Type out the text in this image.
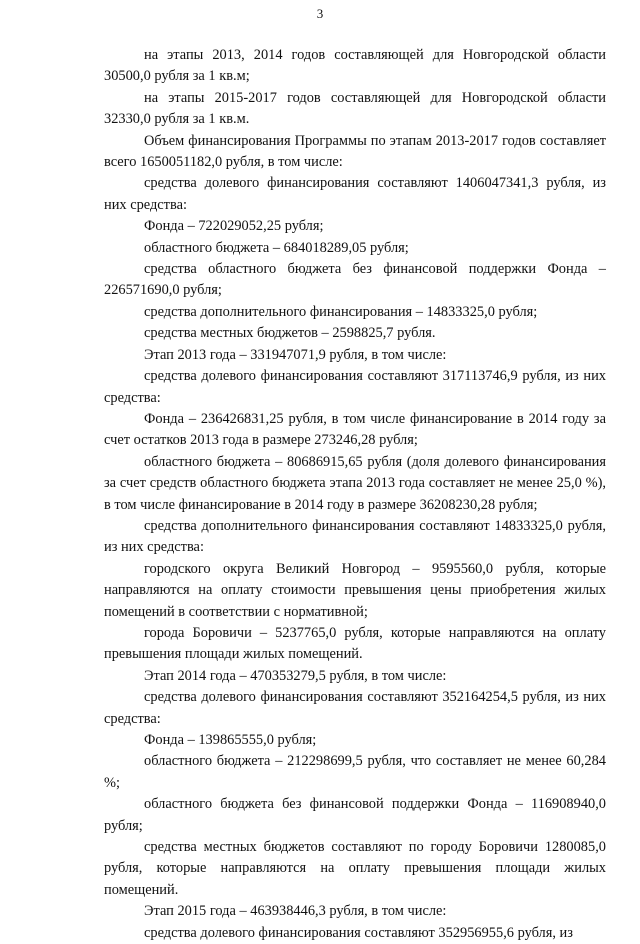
3

на этапы 2013, 2014 годов составляющей для Новгородской области 30500,0 рубля за 1 кв.м;

на этапы 2015-2017 годов составляющей для Новгородской области 32330,0 рубля за 1 кв.м.

Объем финансирования Программы по этапам 2013-2017 годов составляет всего 1650051182,0 рубля, в том числе:

средства долевого финансирования составляют 1406047341,3 рубля, из них средства:

Фонда – 722029052,25 рубля;

областного бюджета – 684018289,05 рубля;

средства областного бюджета без финансовой поддержки Фонда – 226571690,0 рубля;

средства дополнительного финансирования – 14833325,0 рубля;

средства местных бюджетов – 2598825,7 рубля.

Этап 2013 года – 331947071,9 рубля, в том числе:

средства долевого финансирования составляют 317113746,9 рубля, из них средства:

Фонда – 236426831,25 рубля, в том числе финансирование в 2014 году за счет остатков 2013 года в размере 273246,28 рубля;

областного бюджета – 80686915,65 рубля (доля долевого финансирования за счет средств областного бюджета этапа 2013 года составляет не менее 25,0 %), в том числе финансирование в 2014 году в размере 36208230,28 рубля;

средства дополнительного финансирования составляют 14833325,0 рубля, из них средства:

городского округа Великий Новгород – 9595560,0 рубля, которые направляются на оплату стоимости превышения цены приобретения жилых помещений в соответствии с нормативной;

города Боровичи – 5237765,0 рубля, которые направляются на оплату превышения площади жилых помещений.

Этап 2014 года – 470353279,5 рубля, в том числе:

средства долевого финансирования составляют 352164254,5 рубля, из них средства:

Фонда – 139865555,0 рубля;

областного бюджета – 212298699,5 рубля, что составляет не менее 60,284 %;

областного бюджета без финансовой поддержки Фонда – 116908940,0 рубля;

средства местных бюджетов составляют по городу Боровичи 1280085,0 рубля, которые направляются на оплату превышения площади жилых помещений.

Этап 2015 года – 463938446,3 рубля, в том числе:

средства долевого финансирования составляют 352956955,6 рубля, из
